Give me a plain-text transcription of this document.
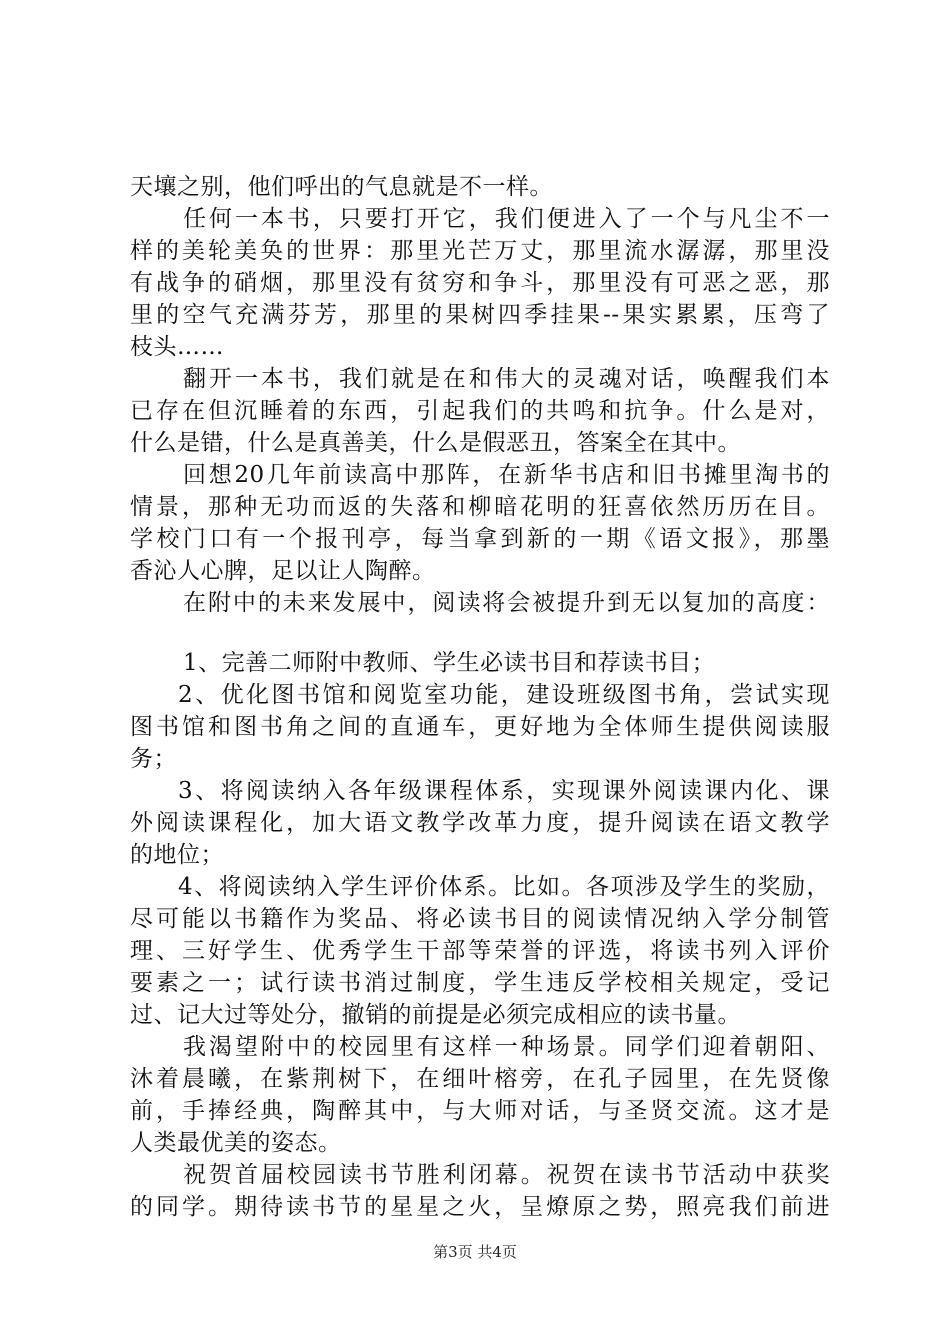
天壤之别，他们呼出的气息就是不一样。
任何一本书，只要打开它，我们便进入了一个与凡尘不一
样的美轮美奂的世界：那里光芒万丈，那里流水潺潺，那里没
有战争的硝烟，那里没有贫穷和争斗，那里没有可恶之恶，那
里的空气充满芬芳，那里的果树四季挂果--果实累累，压弯了
枝头……
翻开一本书，我们就是在和伟大的灵魂对话，唤醒我们本
已存在但沉睡着的东西，引起我们的共鸣和抗争。什么是对，
什么是错，什么是真善美，什么是假恶丑，答案全在其中。
回想20几年前读高中那阵，在新华书店和旧书摊里淘书的
情景，那种无功而返的失落和柳暗花明的狂喜依然历历在目。
学校门口有一个报刊亭，每当拿到新的一期《语文报》，那墨
香沁人心脾，足以让人陶醉。
在附中的未来发展中，阅读将会被提升到无以复加的高度：
1、完善二师附中教师、学生必读书目和荐读书目；
2、优化图书馆和阅览室功能，建设班级图书角，尝试实现
图书馆和图书角之间的直通车，更好地为全体师生提供阅读服
务；
3、将阅读纳入各年级课程体系，实现课外阅读课内化、课
外阅读课程化，加大语文教学改革力度，提升阅读在语文教学
的地位；
4、将阅读纳入学生评价体系。比如。各项涉及学生的奖励，
尽可能以书籍作为奖品、将必读书目的阅读情况纳入学分制管
理、三好学生、优秀学生干部等荣誉的评选，将读书列入评价
要素之一；试行读书消过制度，学生违反学校相关规定，受记
过、记大过等处分，撤销的前提是必须完成相应的读书量。
我渴望附中的校园里有这样一种场景。同学们迎着朝阳、
沐着晨曦，在紫荆树下，在细叶榕旁，在孔子园里，在先贤像
前，手捧经典，陶醉其中，与大师对话，与圣贤交流。这才是
人类最优美的姿态。
祝贺首届校园读书节胜利闭幕。祝贺在读书节活动中获奖
的同学。期待读书节的星星之火，呈燎原之势，照亮我们前进
第3页 共4页
